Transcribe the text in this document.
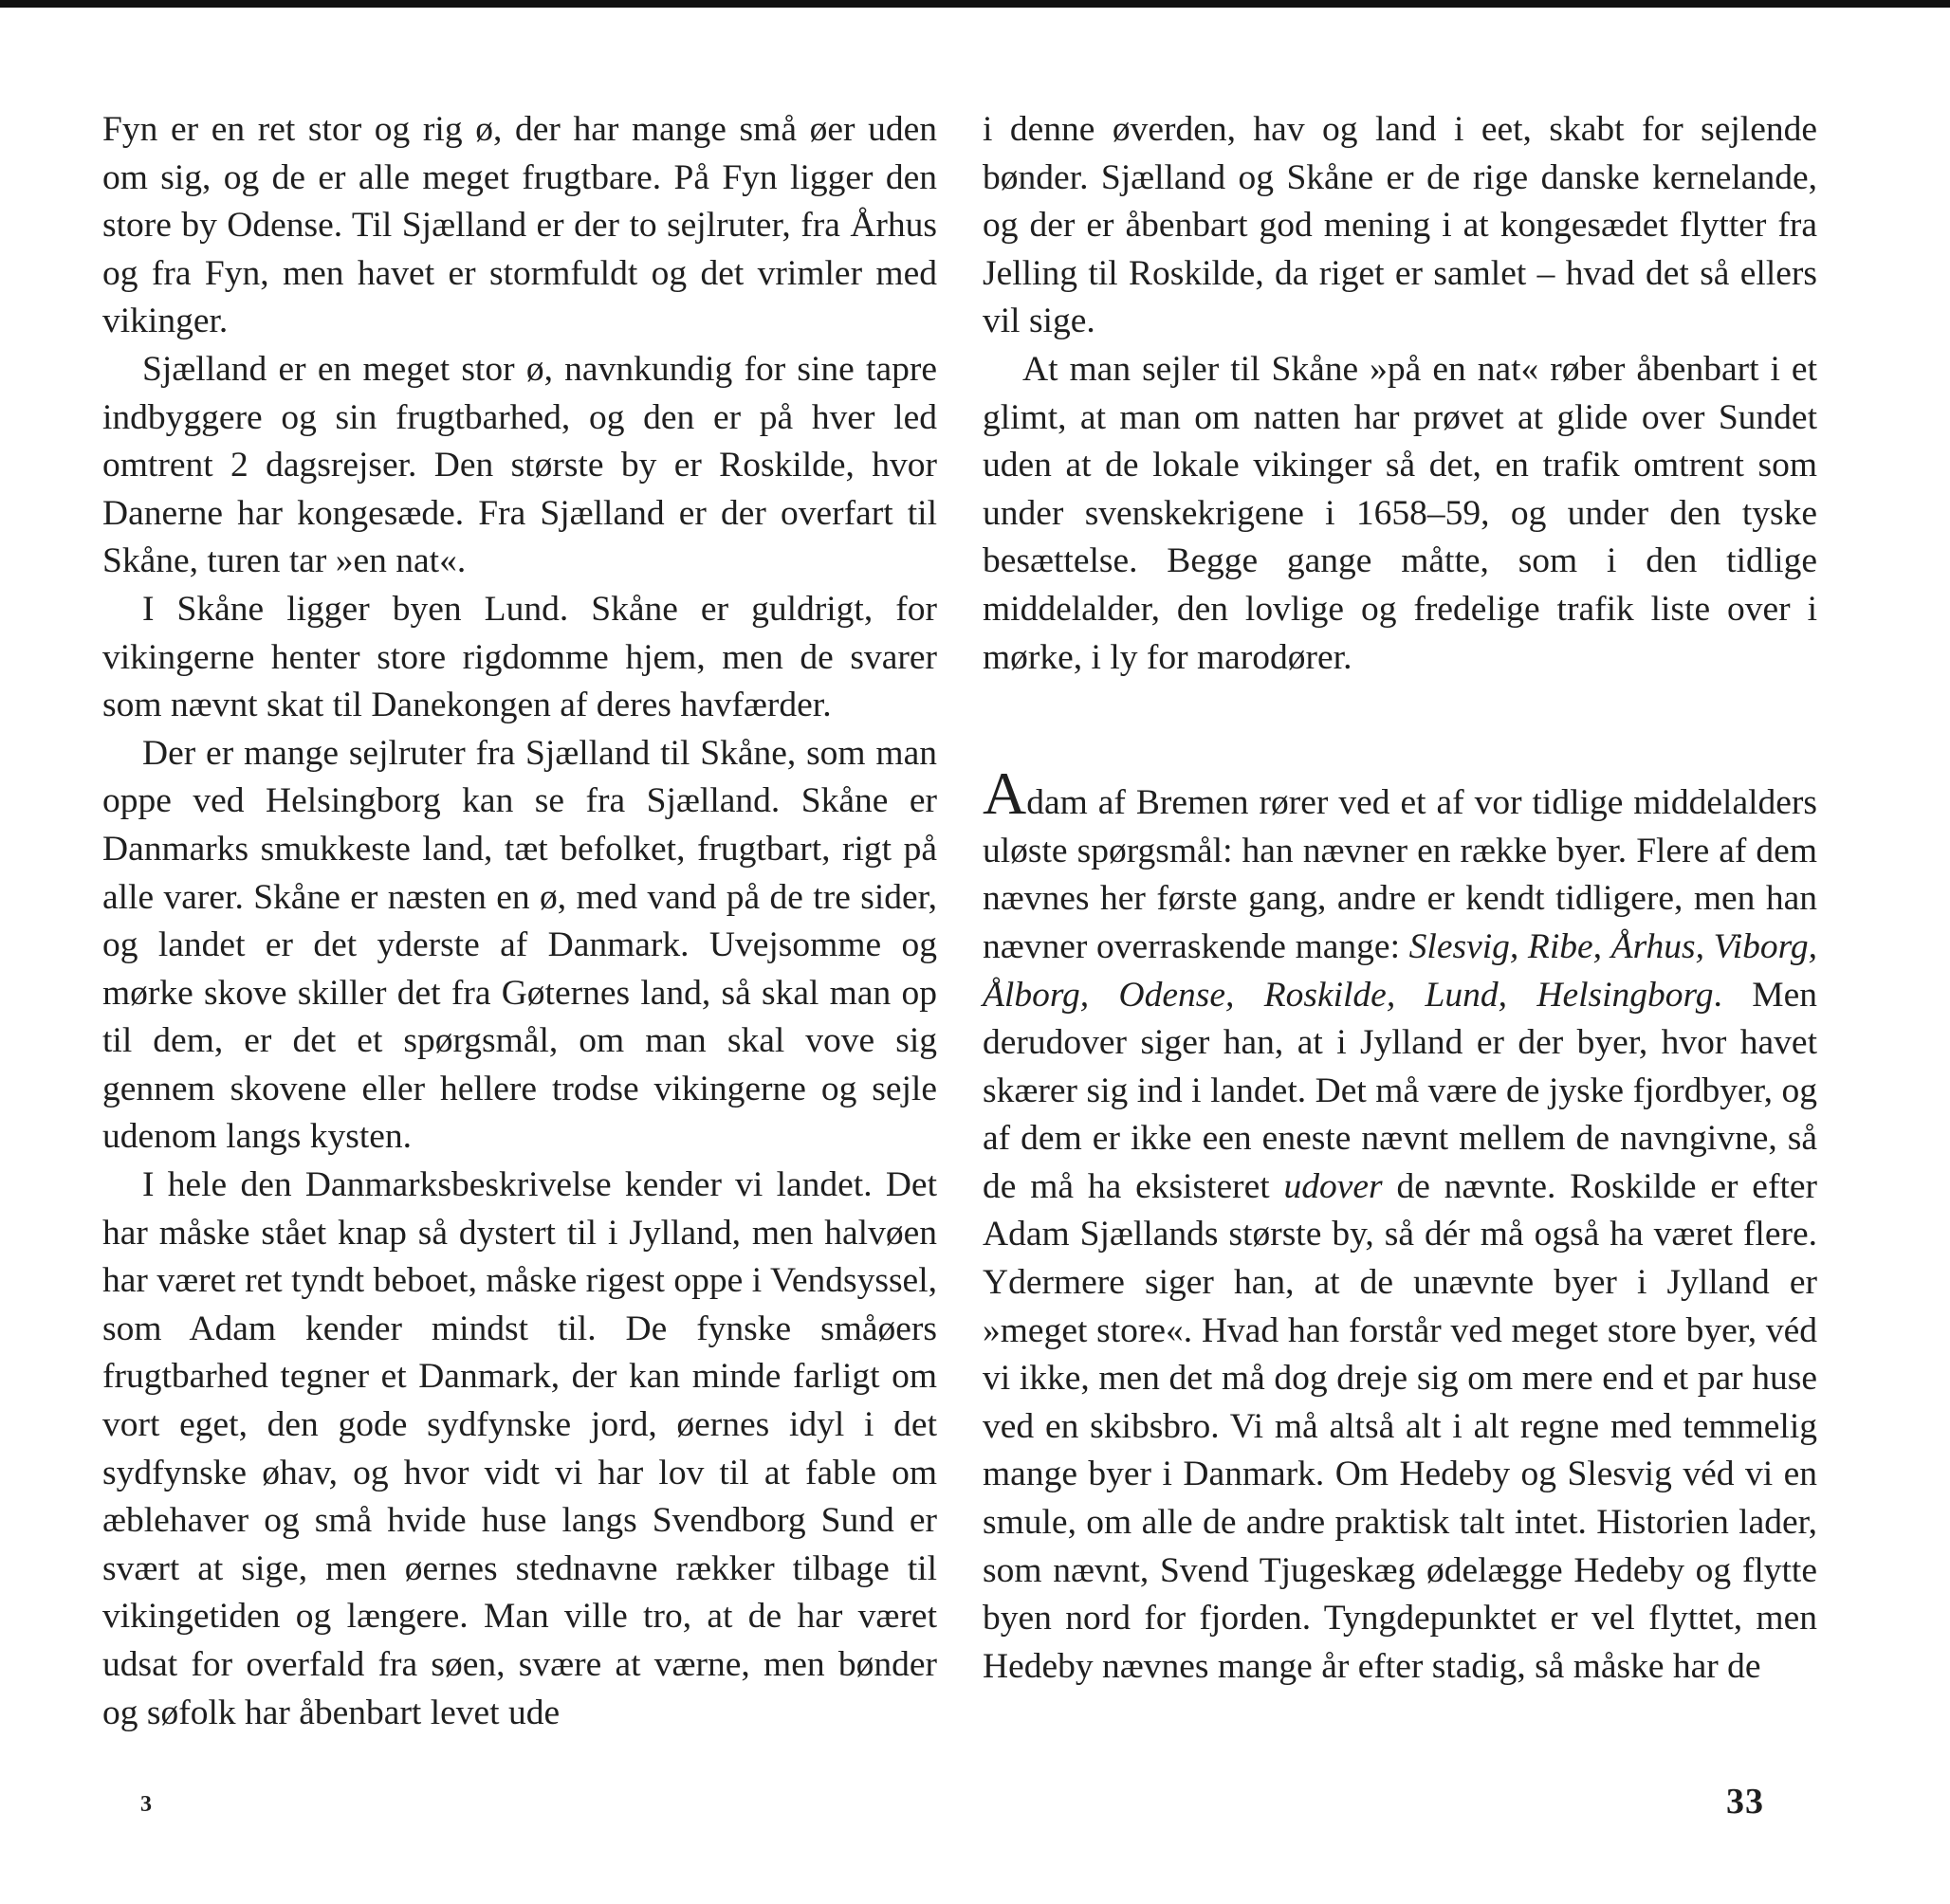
Fyn er en ret stor og rig ø, der har mange små øer uden om sig, og de er alle meget frugtbare. På Fyn ligger den store by Odense. Til Sjælland er der to sejlruter, fra Århus og fra Fyn, men havet er stormfuldt og det vrimler med vikinger.

Sjælland er en meget stor ø, navnkundig for sine tapre indbyggere og sin frugtbarhed, og den er på hver led omtrent 2 dagsrejser. Den største by er Roskilde, hvor Danerne har kongesæde. Fra Sjælland er der overfart til Skåne, turen tar »en nat«.

I Skåne ligger byen Lund. Skåne er guldrigt, for vikingerne henter store rigdomme hjem, men de svarer som nævnt skat til Danekongen af deres havfærder.

Der er mange sejlruter fra Sjælland til Skåne, som man oppe ved Helsingborg kan se fra Sjælland. Skåne er Danmarks smukkeste land, tæt befolket, frugtbart, rigt på alle varer. Skåne er næsten en ø, med vand på de tre sider, og landet er det yderste af Danmark. Uvejsomme og mørke skove skiller det fra Gøternes land, så skal man op til dem, er det et spørgsmål, om man skal vove sig gennem skovene eller hellere trodse vikingerne og sejle udenom langs kysten.

I hele den Danmarksbeskrivelse kender vi landet. Det har måske stået knap så dystert til i Jylland, men halvøen har været ret tyndt beboet, måske rigest oppe i Vendsyssel, som Adam kender mindst til. De fynske småøers frugtbarhed tegner et Danmark, der kan minde farligt om vort eget, den gode sydfynske jord, øernes idyl i det sydfynske øhav, og hvor vidt vi har lov til at fable om æblehaver og små hvide huse langs Svendborg Sund er svært at sige, men øernes stednavne rækker tilbage til vikingetiden og længere. Man ville tro, at de har været udsat for overfald fra søen, svære at værne, men bønder og søfolk har åbenbart levet ude

i denne øverden, hav og land i eet, skabt for sejlende bønder. Sjælland og Skåne er de rige danske kernelande, og der er åbenbart god mening i at kongesædet flytter fra Jelling til Roskilde, da riget er samlet – hvad det så ellers vil sige.

At man sejler til Skåne »på en nat« røber åbenbart i et glimt, at man om natten har prøvet at glide over Sundet uden at de lokale vikinger så det, en trafik omtrent som under svenskekrigene i 1658–59, og under den tyske besættelse. Begge gange måtte, som i den tidlige middelalder, den lovlige og fredelige trafik liste over i mørke, i ly for marodører.

Adam af Bremen rører ved et af vor tidlige middelalders uløste spørgsmål: han nævner en række byer. Flere af dem nævnes her første gang, andre er kendt tidligere, men han nævner overraskende mange: Slesvig, Ribe, Århus, Viborg, Ålborg, Odense, Roskilde, Lund, Helsingborg. Men derudover siger han, at i Jylland er der byer, hvor havet skærer sig ind i landet. Det må være de jyske fjordbyer, og af dem er ikke een eneste nævnt mellem de navngivne, så de må ha eksisteret udover de nævnte. Roskilde er efter Adam Sjællands største by, så dér må også ha været flere. Ydermere siger han, at de unævnte byer i Jylland er »meget store«. Hvad han forstår ved meget store byer, véd vi ikke, men det må dog dreje sig om mere end et par huse ved en skibsbro. Vi må altså alt i alt regne med temmelig mange byer i Danmark. Om Hedeby og Slesvig véd vi en smule, om alle de andre praktisk talt intet. Historien lader, som nævnt, Svend Tjugeskæg ødelægge Hedeby og flytte byen nord for fjorden. Tyngdepunktet er vel flyttet, men Hedeby nævnes mange år efter stadig, så måske har de

3	33
